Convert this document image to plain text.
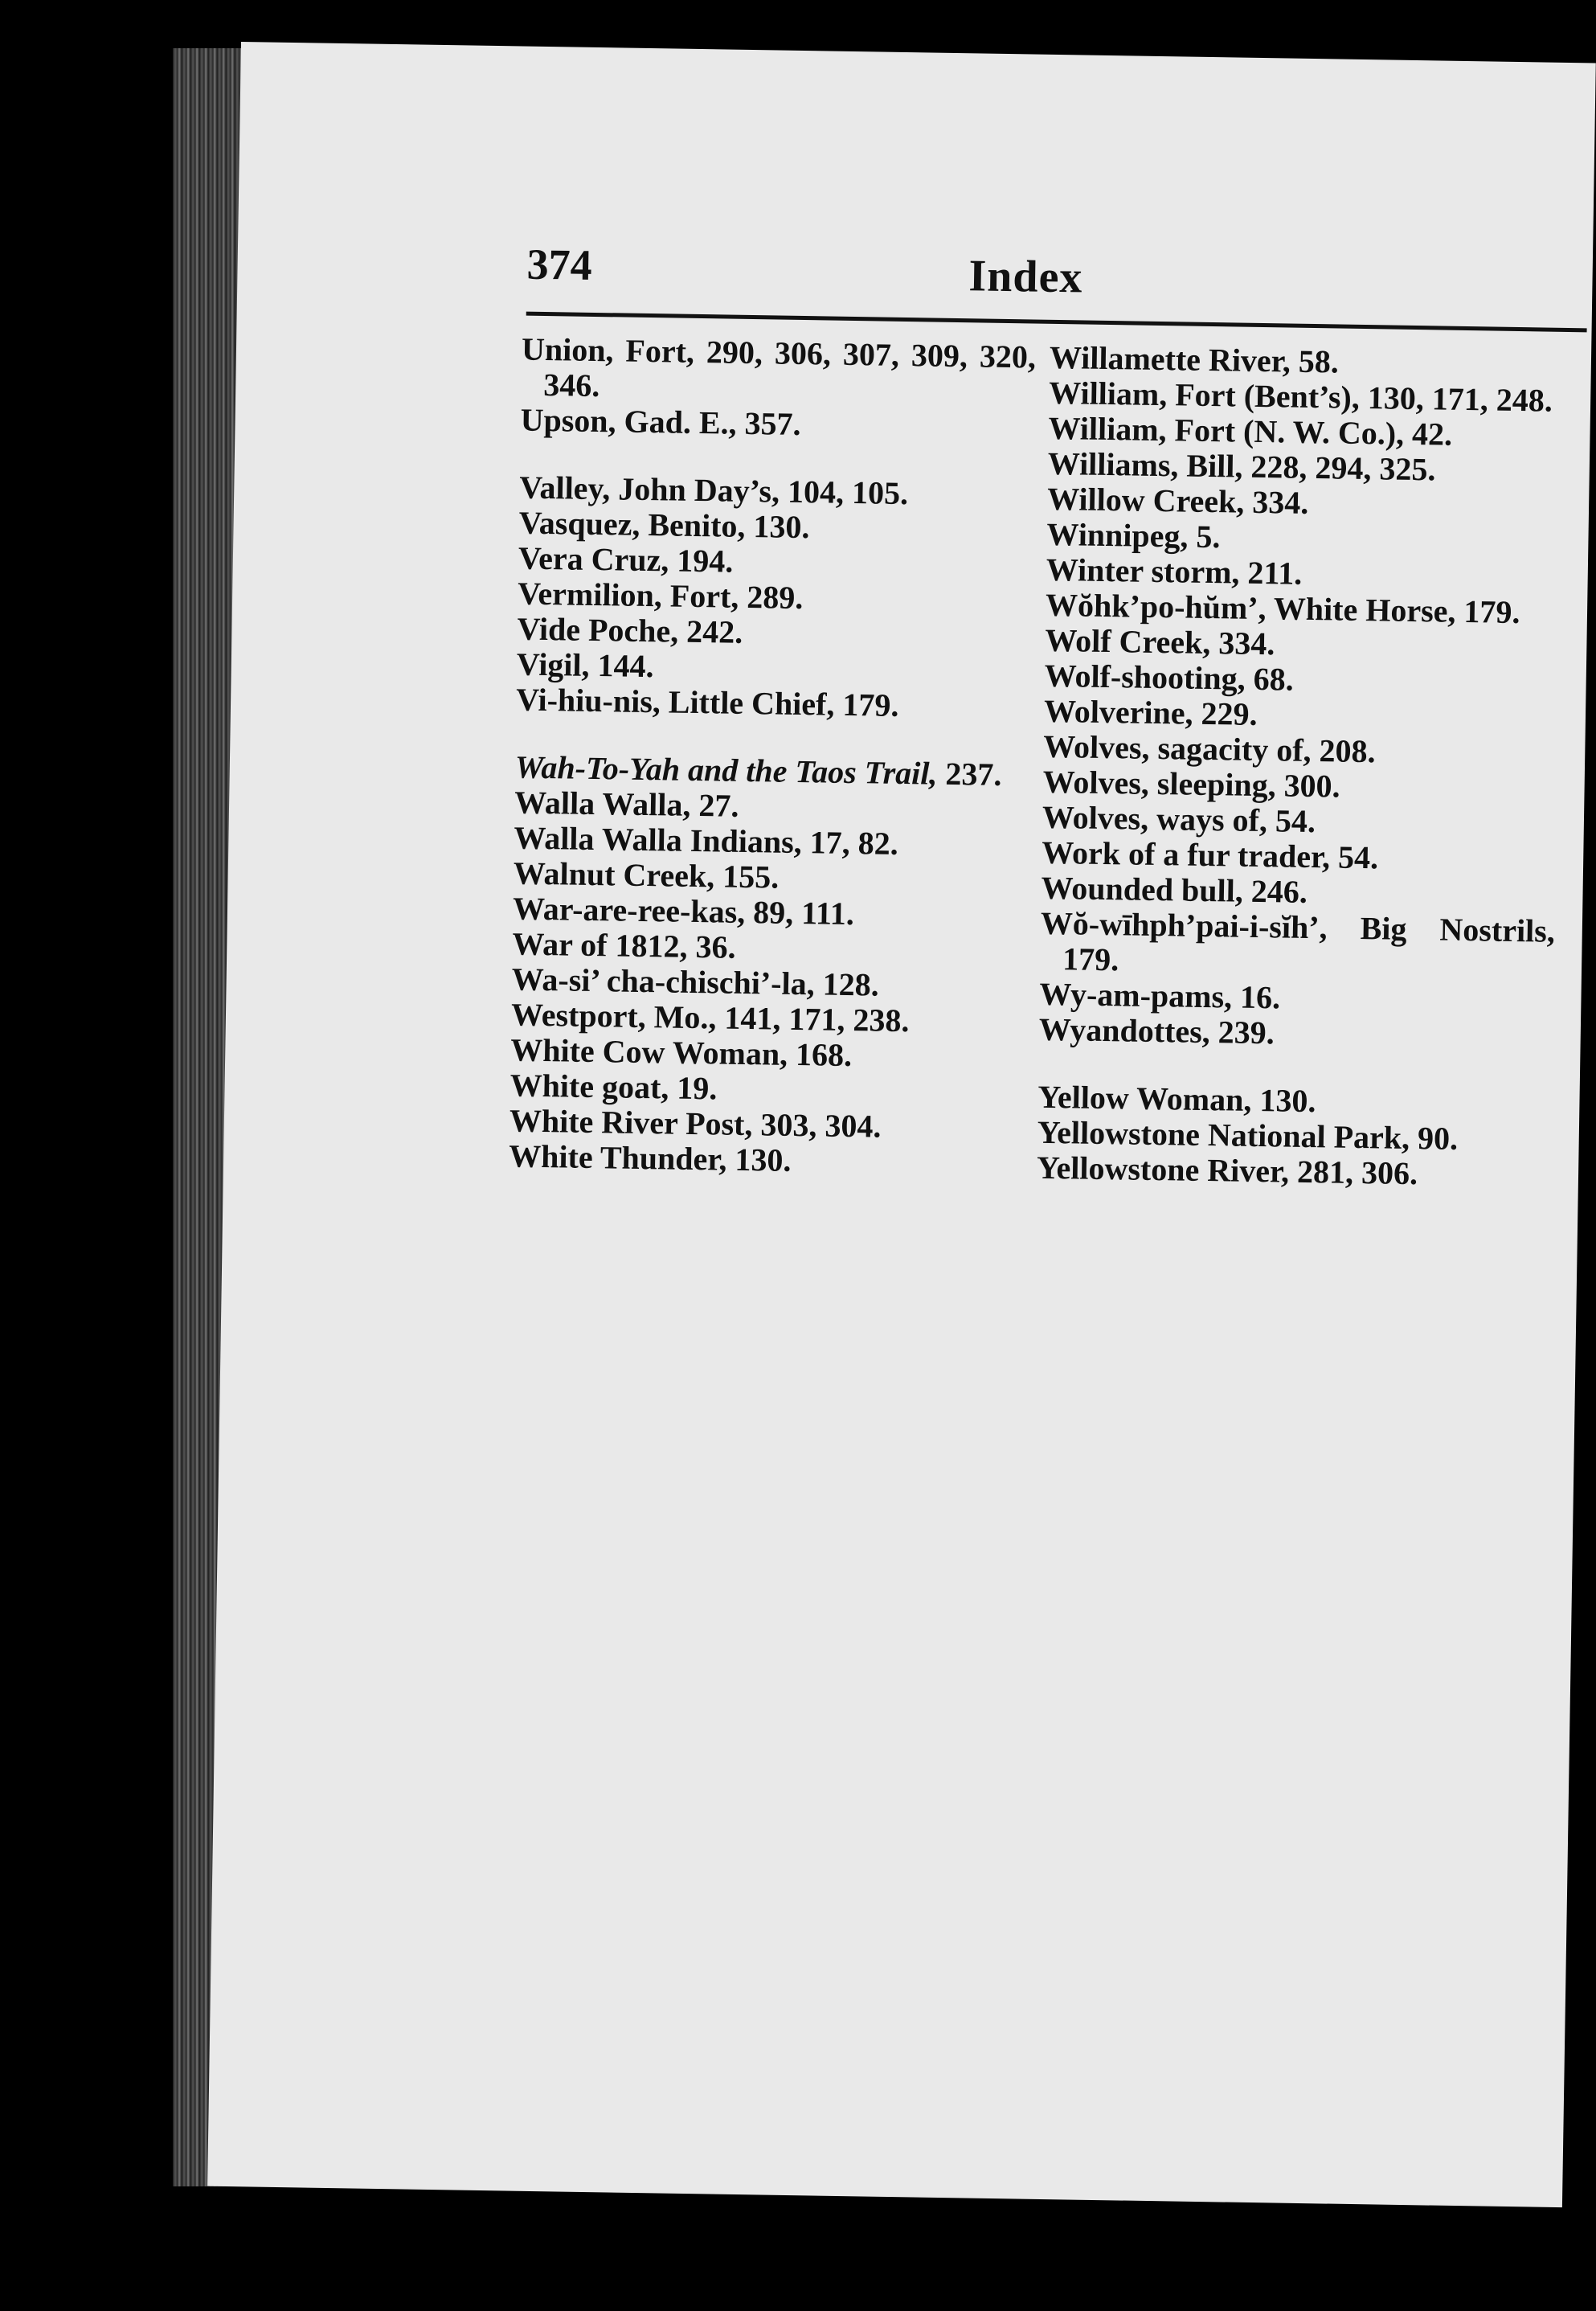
374	Index

Union, Fort, 290, 306, 307, 309, 320, 346.

Upson, Gad. E., 357.

Valley, John Day’s, 104, 105.

Vasquez, Benito, 130.

Vera Cruz, 194.

Vermilion, Fort, 289.

Vide Poche, 242.

Vigil, 144.

Vi-hiu-nis, Little Chief, 179.

Wah-To-Yah and the Taos Trail, 237.

Walla Walla, 27.

Walla Walla Indians, 17, 82.

Walnut Creek, 155.

War-are-ree-kas, 89, 111.

War of 1812, 36.

Wa-si’ cha-chischi’-la, 128.

Westport, Mo., 141, 171, 238.

White Cow Woman, 168.

White goat, 19.

White River Post, 303, 304.

White Thunder, 130.

Willamette River, 58.

William, Fort (Bent’s), 130, 171, 248.

William, Fort (N. W. Co.), 42.

Williams, Bill, 228, 294, 325.

Willow Creek, 334.

Winnipeg, 5.

Winter storm, 211.

Wŏhk’po-hŭm’, White Horse, 179.

Wolf Creek, 334.

Wolf-shooting, 68.

Wolverine, 229.

Wolves, sagacity of, 208.

Wolves, sleeping, 300.

Wolves, ways of, 54.

Work of a fur trader, 54.

Wounded bull, 246.

Wŏ-wīhph’pai-i-sĭh’, Big Nostrils, 179.

Wy-am-pams, 16.

Wyandottes, 239.

Yellow Woman, 130.

Yellowstone National Park, 90.

Yellowstone River, 281, 306.
